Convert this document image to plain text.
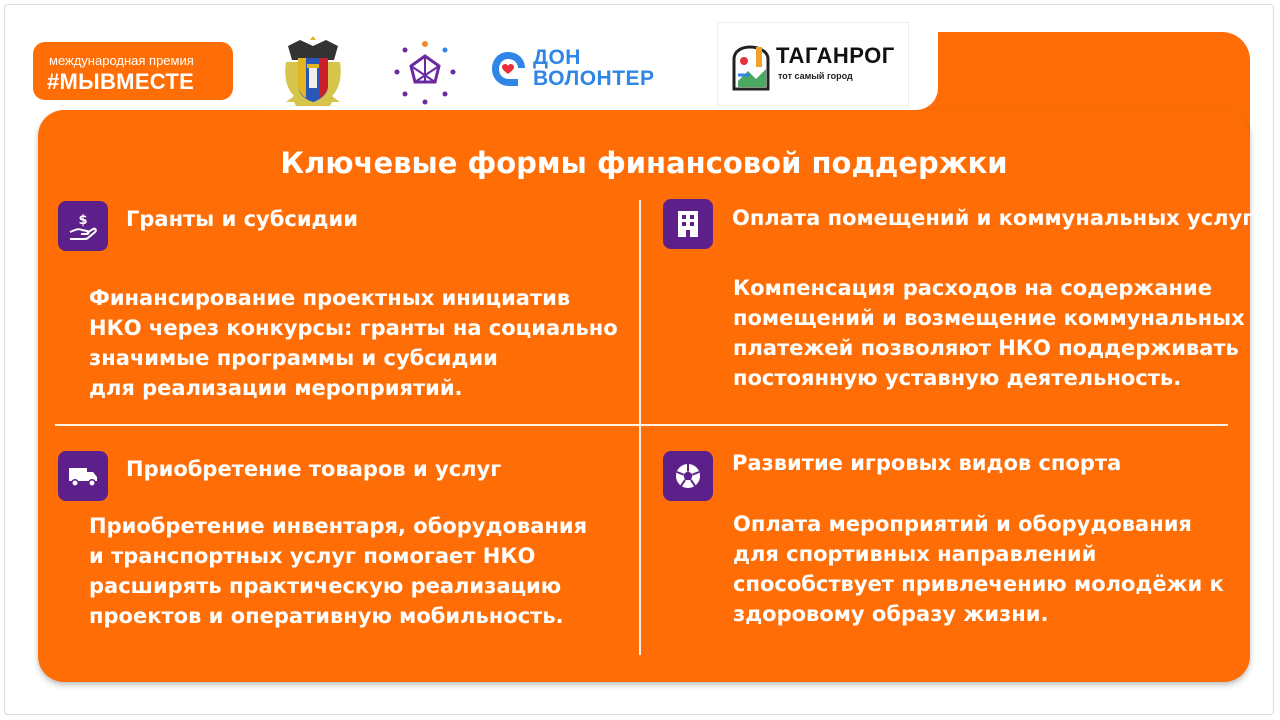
международная премия
#МЫВМЕСТЕ
ДОН
ВОЛОНТЕР
ТАГАНРОГ
тот самый город
Ключевые формы финансовой поддержки
$ Гранты и субсидии
Финансирование проектных инициатив
НКО через конкурсы: гранты на социально
значимые программы и субсидии
для реализации мероприятий.
Оплата помещений и коммунальных услуг
Компенсация расходов на содержание
помещений и возмещение коммунальных
платежей позволяют НКО поддерживать
постоянную уставную деятельность.
Приобретение товаров и услуг
Приобретение инвентаря, оборудования
и транспортных услуг помогает НКО
расширять практическую реализацию
проектов и оперативную мобильность.
Развитие игровых видов спорта
Оплата мероприятий и оборудования
для спортивных направлений
способствует привлечению молодёжи к
здоровому образу жизни.
